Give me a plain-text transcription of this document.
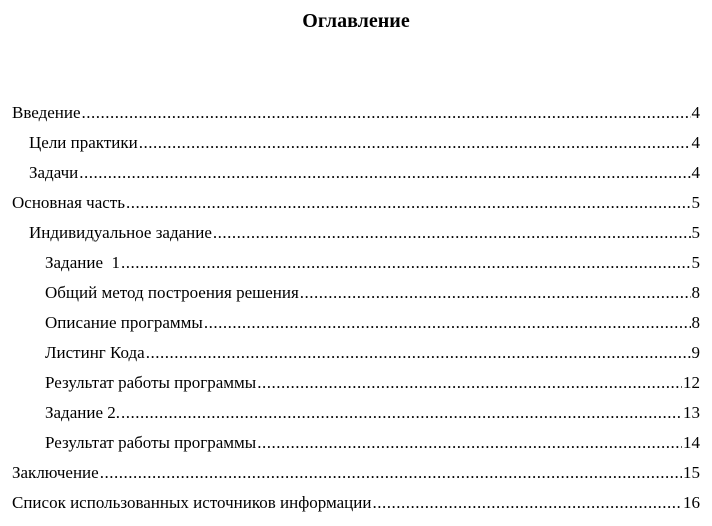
Оглавление
Введение .....	4
Цели практики .....	4
Задачи .....	4
Основная часть .....	5
Индивидуальное задание .....	5
Задание  1 .....	5
Общий метод построения решения .....	8
Описание программы .....	8
Листинг Кода .....	9
Результат работы программы .....	12
Задание 2. .....	13
Результат работы программы .....	14
Заключение .....	15
Список использованных источников информации .....	16
